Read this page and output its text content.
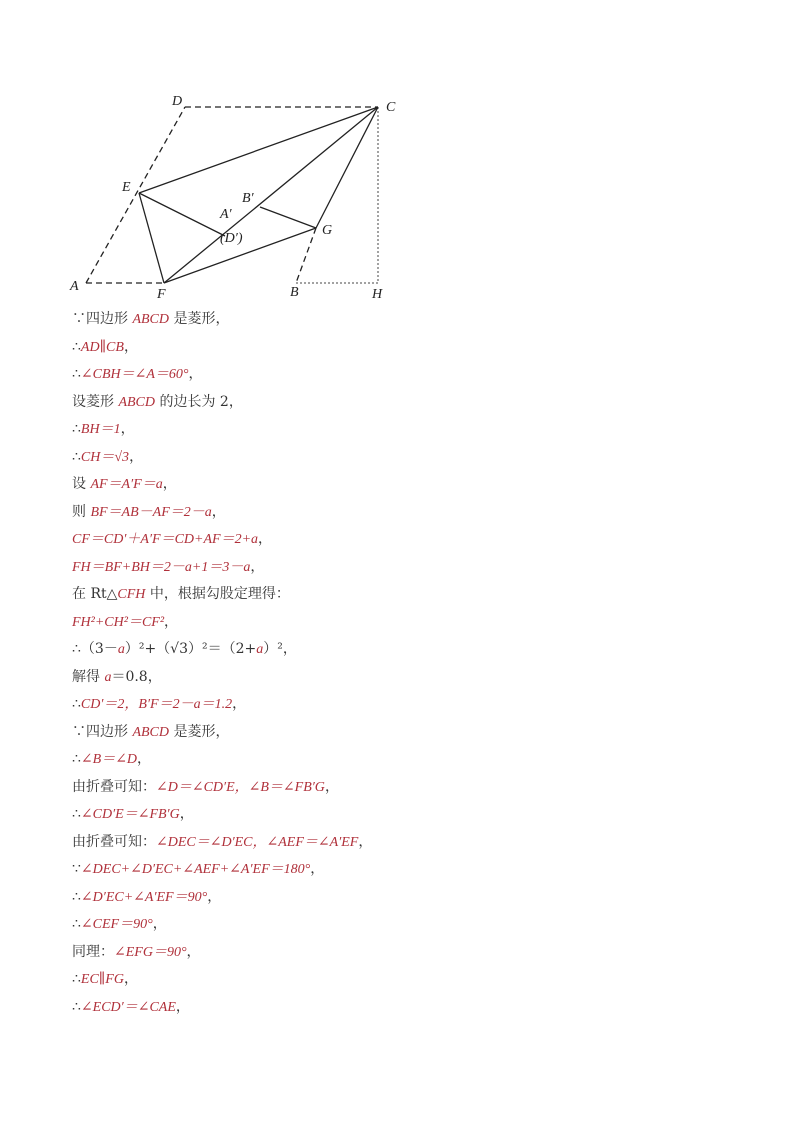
D	C
E
B′
A′
(D′)
G
A
F	B	H
∵四边形 ABCD 是菱形，
∴AD∥CB，
∴∠CBH＝∠A＝60°，
设菱形 ABCD 的边长为 2，
∴BH＝1，
∴CH＝√3，
设 AF＝A′F＝a，
则 BF＝AB－AF＝2－a，
CF＝CD′＋A′F＝CD+AF＝2+a，
FH＝BF+BH＝2－a+1＝3－a，
在 Rt△CFH 中，根据勾股定理得：
FH²+CH²＝CF²，
∴（3－a）²+（√3）²＝（2+a）²，
解得 a＝0.8，
∴CD′＝2，B′F＝2－a＝1.2，
∵四边形 ABCD 是菱形，
∴∠B＝∠D，
由折叠可知：∠D＝∠CD′E，∠B＝∠FB′G，
∴∠CD′E＝∠FB′G，
由折叠可知：∠DEC＝∠D′EC，∠AEF＝∠A′EF，
∵∠DEC+∠D′EC+∠AEF+∠A′EF＝180°，
∴∠D′EC+∠A′EF＝90°，
∴∠CEF＝90°，
同理：∠EFG＝90°，
∴EC∥FG，
∴∠ECD′＝∠CAE，
